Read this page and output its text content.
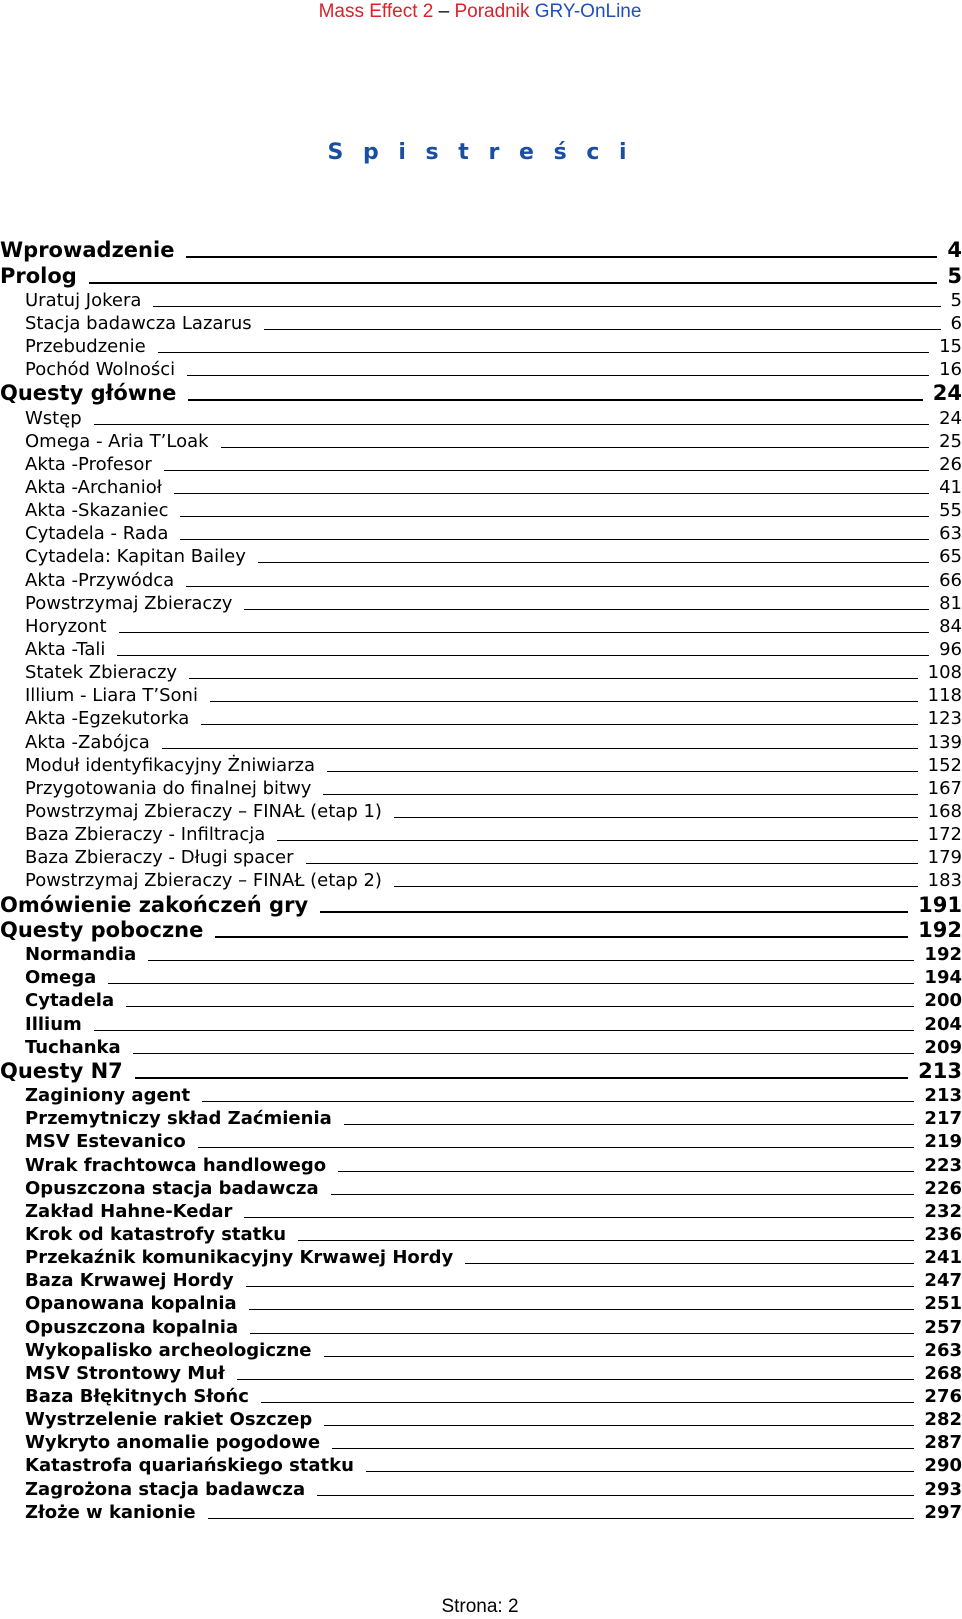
Mass Effect 2 – Poradnik GRY-OnLine
S p i s t r e ś c i
Wprowadzenie	4
Prolog	5
Uratuj Jokera	5
Stacja badawcza Lazarus	6
Przebudzenie	15
Pochód Wolności	16
Questy główne	24
Wstęp	24
Omega - Aria T’Loak	25
Akta -Profesor	26
Akta -Archanioł	41
Akta -Skazaniec	55
Cytadela - Rada	63
Cytadela: Kapitan Bailey	65
Akta -Przywódca	66
Powstrzymaj Zbieraczy	81
Horyzont	84
Akta -Tali	96
Statek Zbieraczy	108
Illium - Liara T’Soni	118
Akta -Egzekutorka	123
Akta -Zabójca	139
Moduł identyfikacyjny Żniwiarza	152
Przygotowania do finalnej bitwy	167
Powstrzymaj Zbieraczy – FINAŁ (etap 1)	168
Baza Zbieraczy - Infiltracja	172
Baza Zbieraczy - Długi spacer	179
Powstrzymaj Zbieraczy – FINAŁ (etap 2)	183
Omówienie zakończeń gry	191
Questy poboczne	192
Normandia	192
Omega	194
Cytadela	200
Illium	204
Tuchanka	209
Questy N7	213
Zaginiony agent	213
Przemytniczy skład Zaćmienia	217
MSV Estevanico	219
Wrak frachtowca handlowego	223
Opuszczona stacja badawcza	226
Zakład Hahne-Kedar	232
Krok od katastrofy statku	236
Przekaźnik komunikacyjny Krwawej Hordy	241
Baza Krwawej Hordy	247
Opanowana kopalnia	251
Opuszczona kopalnia	257
Wykopalisko archeologiczne	263
MSV Strontowy Muł	268
Baza Błękitnych Słońc	276
Wystrzelenie rakiet Oszczep	282
Wykryto anomalie pogodowe	287
Katastrofa quariańskiego statku	290
Zagrożona stacja badawcza	293
Złoże w kanionie	297
Strona: 2
